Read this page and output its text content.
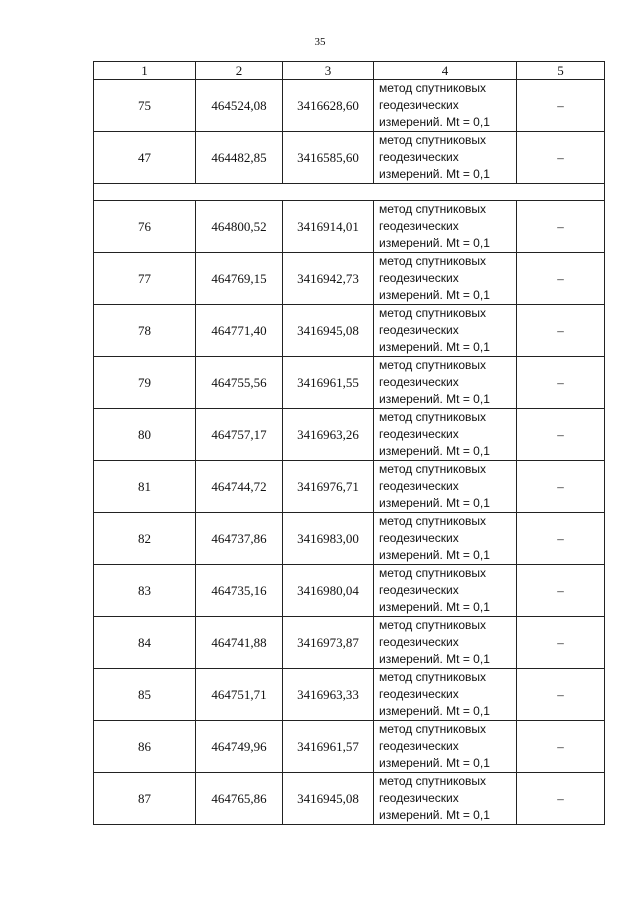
35
1	2	3	4	5
75	464524,08	3416628,60	метод спутниковых
геодезических
измерений. Mt = 0,1	–
47	464482,85	3416585,60	метод спутниковых
геодезических
измерений. Mt = 0,1	–

76	464800,52	3416914,01	метод спутниковых
геодезических
измерений. Mt = 0,1	–
77	464769,15	3416942,73	метод спутниковых
геодезических
измерений. Mt = 0,1	–
78	464771,40	3416945,08	метод спутниковых
геодезических
измерений. Mt = 0,1	–
79	464755,56	3416961,55	метод спутниковых
геодезических
измерений. Mt = 0,1	–
80	464757,17	3416963,26	метод спутниковых
геодезических
измерений. Mt = 0,1	–
81	464744,72	3416976,71	метод спутниковых
геодезических
измерений. Mt = 0,1	–
82	464737,86	3416983,00	метод спутниковых
геодезических
измерений. Mt = 0,1	–
83	464735,16	3416980,04	метод спутниковых
геодезических
измерений. Mt = 0,1	–
84	464741,88	3416973,87	метод спутниковых
геодезических
измерений. Mt = 0,1	–
85	464751,71	3416963,33	метод спутниковых
геодезических
измерений. Mt = 0,1	–
86	464749,96	3416961,57	метод спутниковых
геодезических
измерений. Mt = 0,1	–
87	464765,86	3416945,08	метод спутниковых
геодезических
измерений. Mt = 0,1	–
